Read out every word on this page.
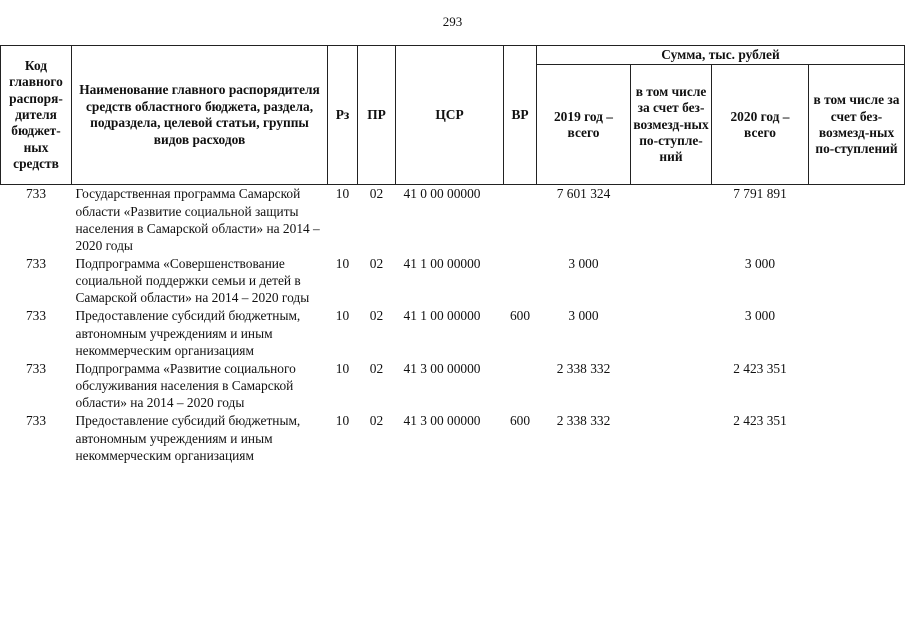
293
Код главного распоря-дителя бюджет-ных средств	Наименование главного распорядителя средств областного бюджета, раздела, подраздела, целевой статьи, группы видов расходов	Рз	ПР	ЦСР	ВР	Сумма, тыс. рублей			
						2019 год – всего	в том числе за счет без-возмезд-ных по-ступле-ний	2020 год – всего	в том числе за счет без-возмезд-ных по-ступлений
733	Государственная программа Самарской области «Развитие социальной защиты населения в Самарской области» на 2014 – 2020 годы	10	02	41 0 00 00000		7 601 324		7 791 891	
733	Подпрограмма «Совершенствование социальной поддержки семьи и детей в Самарской области» на 2014 – 2020 годы	10	02	41 1 00 00000		3 000		3 000	
733	Предоставление субсидий бюджетным, автономным учреждениям и иным некоммерческим организациям	10	02	41 1 00 00000	600	3 000		3 000	
733	Подпрограмма «Развитие социального обслуживания населения в Самарской области» на 2014 – 2020 годы	10	02	41 3 00 00000		2 338 332		2 423 351	
733	Предоставление субсидий бюджетным, автономным учреждениям и иным некоммерческим организациям	10	02	41 3 00 00000	600	2 338 332		2 423 351	
